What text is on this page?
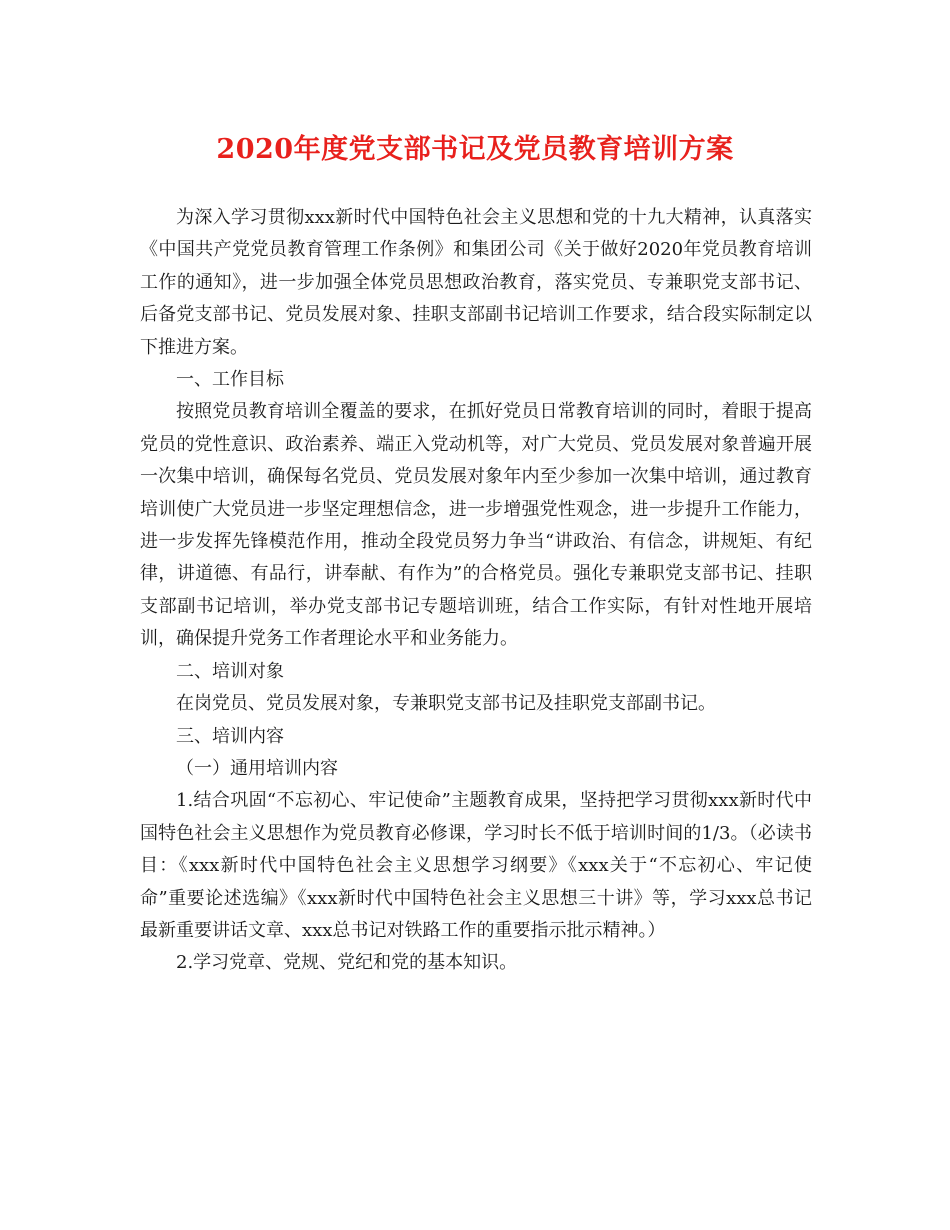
2020年度党支部书记及党员教育培训方案

为深入学习贯彻xxx新时代中国特色社会主义思想和党的十九大精神，认真落实《中国共产党党员教育管理工作条例》和集团公司《关于做好2020年党员教育培训工作的通知》，进一步加强全体党员思想政治教育，落实党员、专兼职党支部书记、后备党支部书记、党员发展对象、挂职支部副书记培训工作要求，结合段实际制定以下推进方案。

一、工作目标

按照党员教育培训全覆盖的要求，在抓好党员日常教育培训的同时，着眼于提高党员的党性意识、政治素养、端正入党动机等，对广大党员、党员发展对象普遍开展一次集中培训，确保每名党员、党员发展对象年内至少参加一次集中培训，通过教育培训使广大党员进一步坚定理想信念，进一步增强党性观念，进一步提升工作能力，进一步发挥先锋模范作用，推动全段党员努力争当“讲政治、有信念，讲规矩、有纪律，讲道德、有品行，讲奉献、有作为”的合格党员。强化专兼职党支部书记、挂职支部副书记培训，举办党支部书记专题培训班，结合工作实际，有针对性地开展培训，确保提升党务工作者理论水平和业务能力。

二、培训对象

在岗党员、党员发展对象，专兼职党支部书记及挂职党支部副书记。

三、培训内容

（一）通用培训内容

1.结合巩固“不忘初心、牢记使命”主题教育成果，坚持把学习贯彻xxx新时代中国特色社会主义思想作为党员教育必修课，学习时长不低于培训时间的1/3。（必读书目：《xxx新时代中国特色社会主义思想学习纲要》《xxx关于“不忘初心、牢记使命”重要论述选编》《xxx新时代中国特色社会主义思想三十讲》等，学习xxx总书记最新重要讲话文章、xxx总书记对铁路工作的重要指示批示精神。）

2.学习党章、党规、党纪和党的基本知识。
